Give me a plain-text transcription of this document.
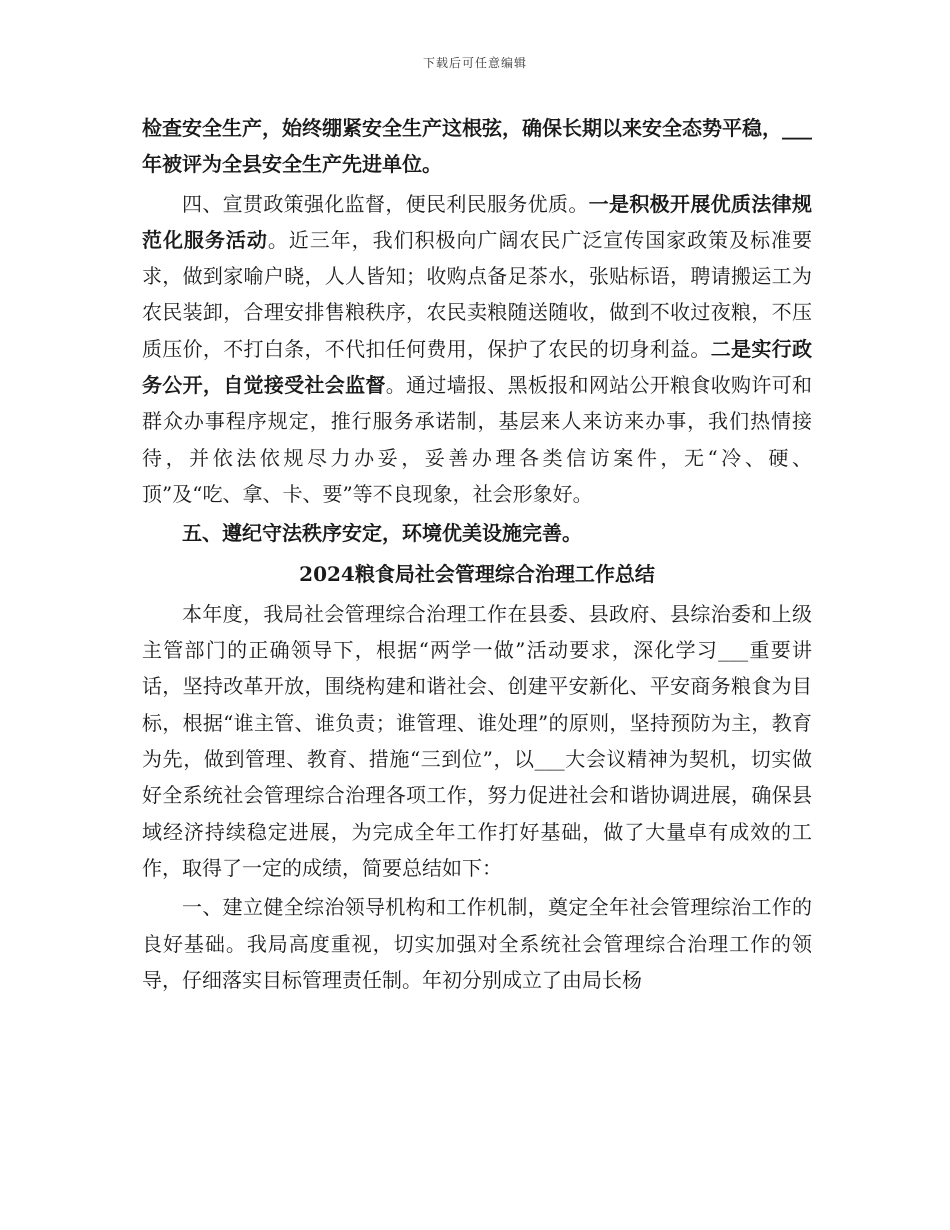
下载后可任意编辑

检查安全生产，始终绷紧安全生产这根弦，确保长期以来安全态势平稳，___年被评为全县安全生产先进单位。

四、宣贯政策强化监督，便民利民服务优质。一是积极开展优质法律规范化服务活动。近三年，我们积极向广阔农民广泛宣传国家政策及标准要求，做到家喻户晓，人人皆知；收购点备足茶水，张贴标语，聘请搬运工为农民装卸，合理安排售粮秩序，农民卖粮随送随收，做到不收过夜粮，不压质压价，不打白条，不代扣任何费用，保护了农民的切身利益。二是实行政务公开，自觉接受社会监督。通过墙报、黑板报和网站公开粮食收购许可和群众办事程序规定，推行服务承诺制，基层来人来访来办事，我们热情接待，并依法依规尽力办妥，妥善办理各类信访案件，无“冷、硬、顶”及“吃、拿、卡、要”等不良现象，社会形象好。

五、遵纪守法秩序安定，环境优美设施完善。

2024粮食局社会管理综合治理工作总结

本年度，我局社会管理综合治理工作在县委、县政府、县综治委和上级主管部门的正确领导下，根据“两学一做”活动要求，深化学习___重要讲话，坚持改革开放，围绕构建和谐社会、创建平安新化、平安商务粮食为目标，根据“谁主管、谁负责；谁管理、谁处理”的原则，坚持预防为主，教育为先，做到管理、教育、措施“三到位”，以___大会议精神为契机，切实做好全系统社会管理综合治理各项工作，努力促进社会和谐协调进展，确保县域经济持续稳定进展，为完成全年工作打好基础，做了大量卓有成效的工作，取得了一定的成绩，简要总结如下：

一、建立健全综治领导机构和工作机制，奠定全年社会管理综治工作的良好基础。我局高度重视，切实加强对全系统社会管理综合治理工作的领导，仔细落实目标管理责任制。年初分别成立了由局长杨
